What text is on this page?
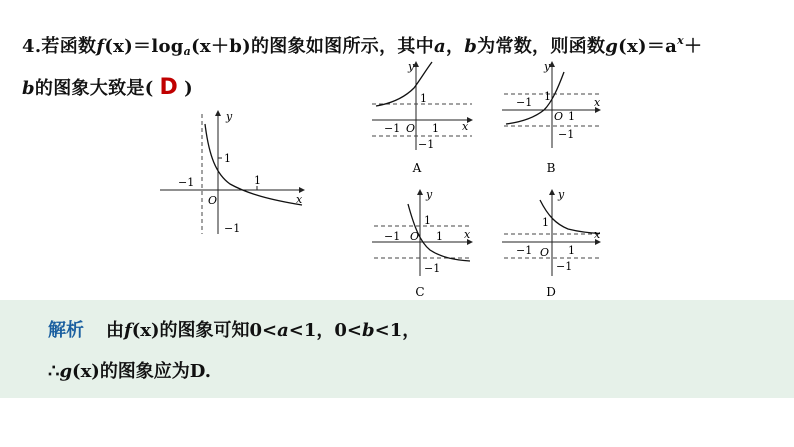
4.若函数f(x)＝loga(x＋b)的图象如图所示，其中a，b为常数，则函数$g(x)=a^x+$
b的图象大致是( D )
y
x
O
1
1
−1
−1
y
x
O
1
1
−1
−1
A
y
x
O
1
1
−1
−1
B
y
x
O
1
1
−1
−1
C
y
x
O
1
1
−1
−1
D
解析 由f(x)的图象可知0<a<1，0<b<1，
∴g(x)的图象应为D.
